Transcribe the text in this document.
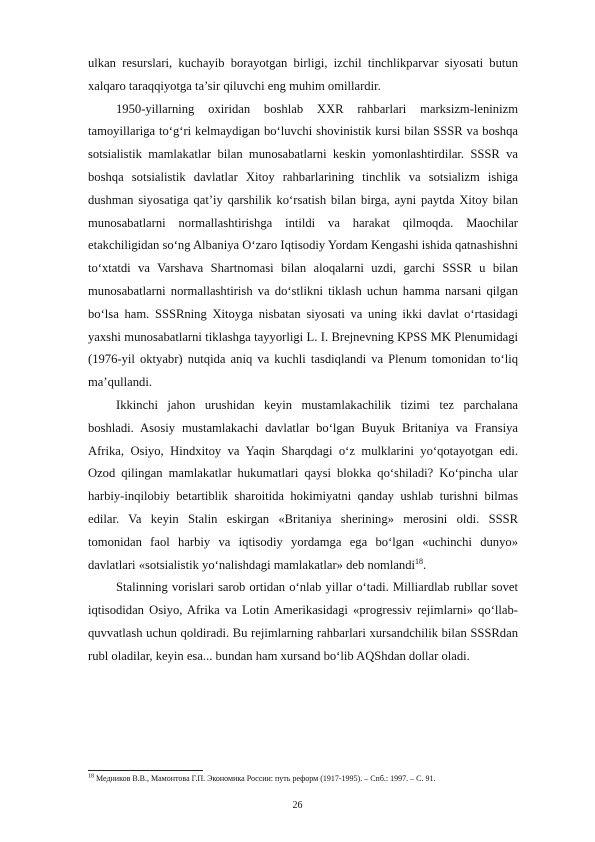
ulkan resurslari, kuchayib borayotgan birligi, izchil tinchlikparvar siyosati butun xalqaro taraqqiyotga ta’sir qiluvchi eng muhim omillardir.

1950-yillarning oxiridan boshlab XXR rahbarlari marksizm-leninizm tamoyillariga to‘g‘ri kelmaydigan bo‘luvchi shovinistik kursi bilan SSSR va boshqa sotsialistik mamlakatlar bilan munosabatlarni keskin yomonlashtirdilar. SSSR va boshqa sotsialistik davlatlar Xitoy rahbarlarining tinchlik va sotsializm ishiga dushman siyosatiga qat’iy qarshilik ko‘rsatish bilan birga, ayni paytda Xitoy bilan munosabatlarni normallashtirishga intildi va harakat qilmoqda. Maochilar etakchiligidan so‘ng Albaniya O‘zaro Iqtisodiy Yordam Kengashi ishida qatnashishni to‘xtatdi va Varshava Shartnomasi bilan aloqalarni uzdi, garchi SSSR u bilan munosabatlarni normallashtirish va do‘stlikni tiklash uchun hamma narsani qilgan bo‘lsa ham. SSSRning Xitoyga nisbatan siyosati va uning ikki davlat o‘rtasidagi yaxshi munosabatlarni tiklashga tayyorligi L. I. Brejnevning KPSS MK Plenumidagi (1976-yil oktyabr) nutqida aniq va kuchli tasdiqlandi va Plenum tomonidan to‘liq ma’qullandi.

Ikkinchi jahon urushidan keyin mustamlakachilik tizimi tez parchalana boshladi. Asosiy mustamlakachi davlatlar bo‘lgan Buyuk Britaniya va Fransiya Afrika, Osiyo, Hindxitoy va Yaqin Sharqdagi o‘z mulklarini yo‘qotayotgan edi. Ozod qilingan mamlakatlar hukumatlari qaysi blokka qo‘shiladi? Ko‘pincha ular harbiy-inqilobiy betartiblik sharoitida hokimiyatni qanday ushlab turishni bilmas edilar. Va keyin Stalin eskirgan «Britaniya sherining» merosini oldi. SSSR tomonidan faol harbiy va iqtisodiy yordamga ega bo‘lgan «uchinchi dunyo» davlatlari «sotsialistik yo‘nalishdagi mamlakatlar» deb nomlandi$^{18}$.

Stalinning vorislari sarob ortidan o‘nlab yillar o‘tadi. Milliardlab rubllar sovet iqtisodidan Osiyo, Afrika va Lotin Amerikasidagi «progressiv rejimlarni» qo‘llab-quvvatlash uchun qoldiradi. Bu rejimlarning rahbarlari xursandchilik bilan SSSRdan rubl oladilar, keyin esa... bundan ham xursand bo‘lib AQShdan dollar oladi.

$^{18}$ Медников В.В., Мамонтова Г.П. Экономика России: путь реформ (1917-1995). – Спб.: 1997. – С. 91.
26
